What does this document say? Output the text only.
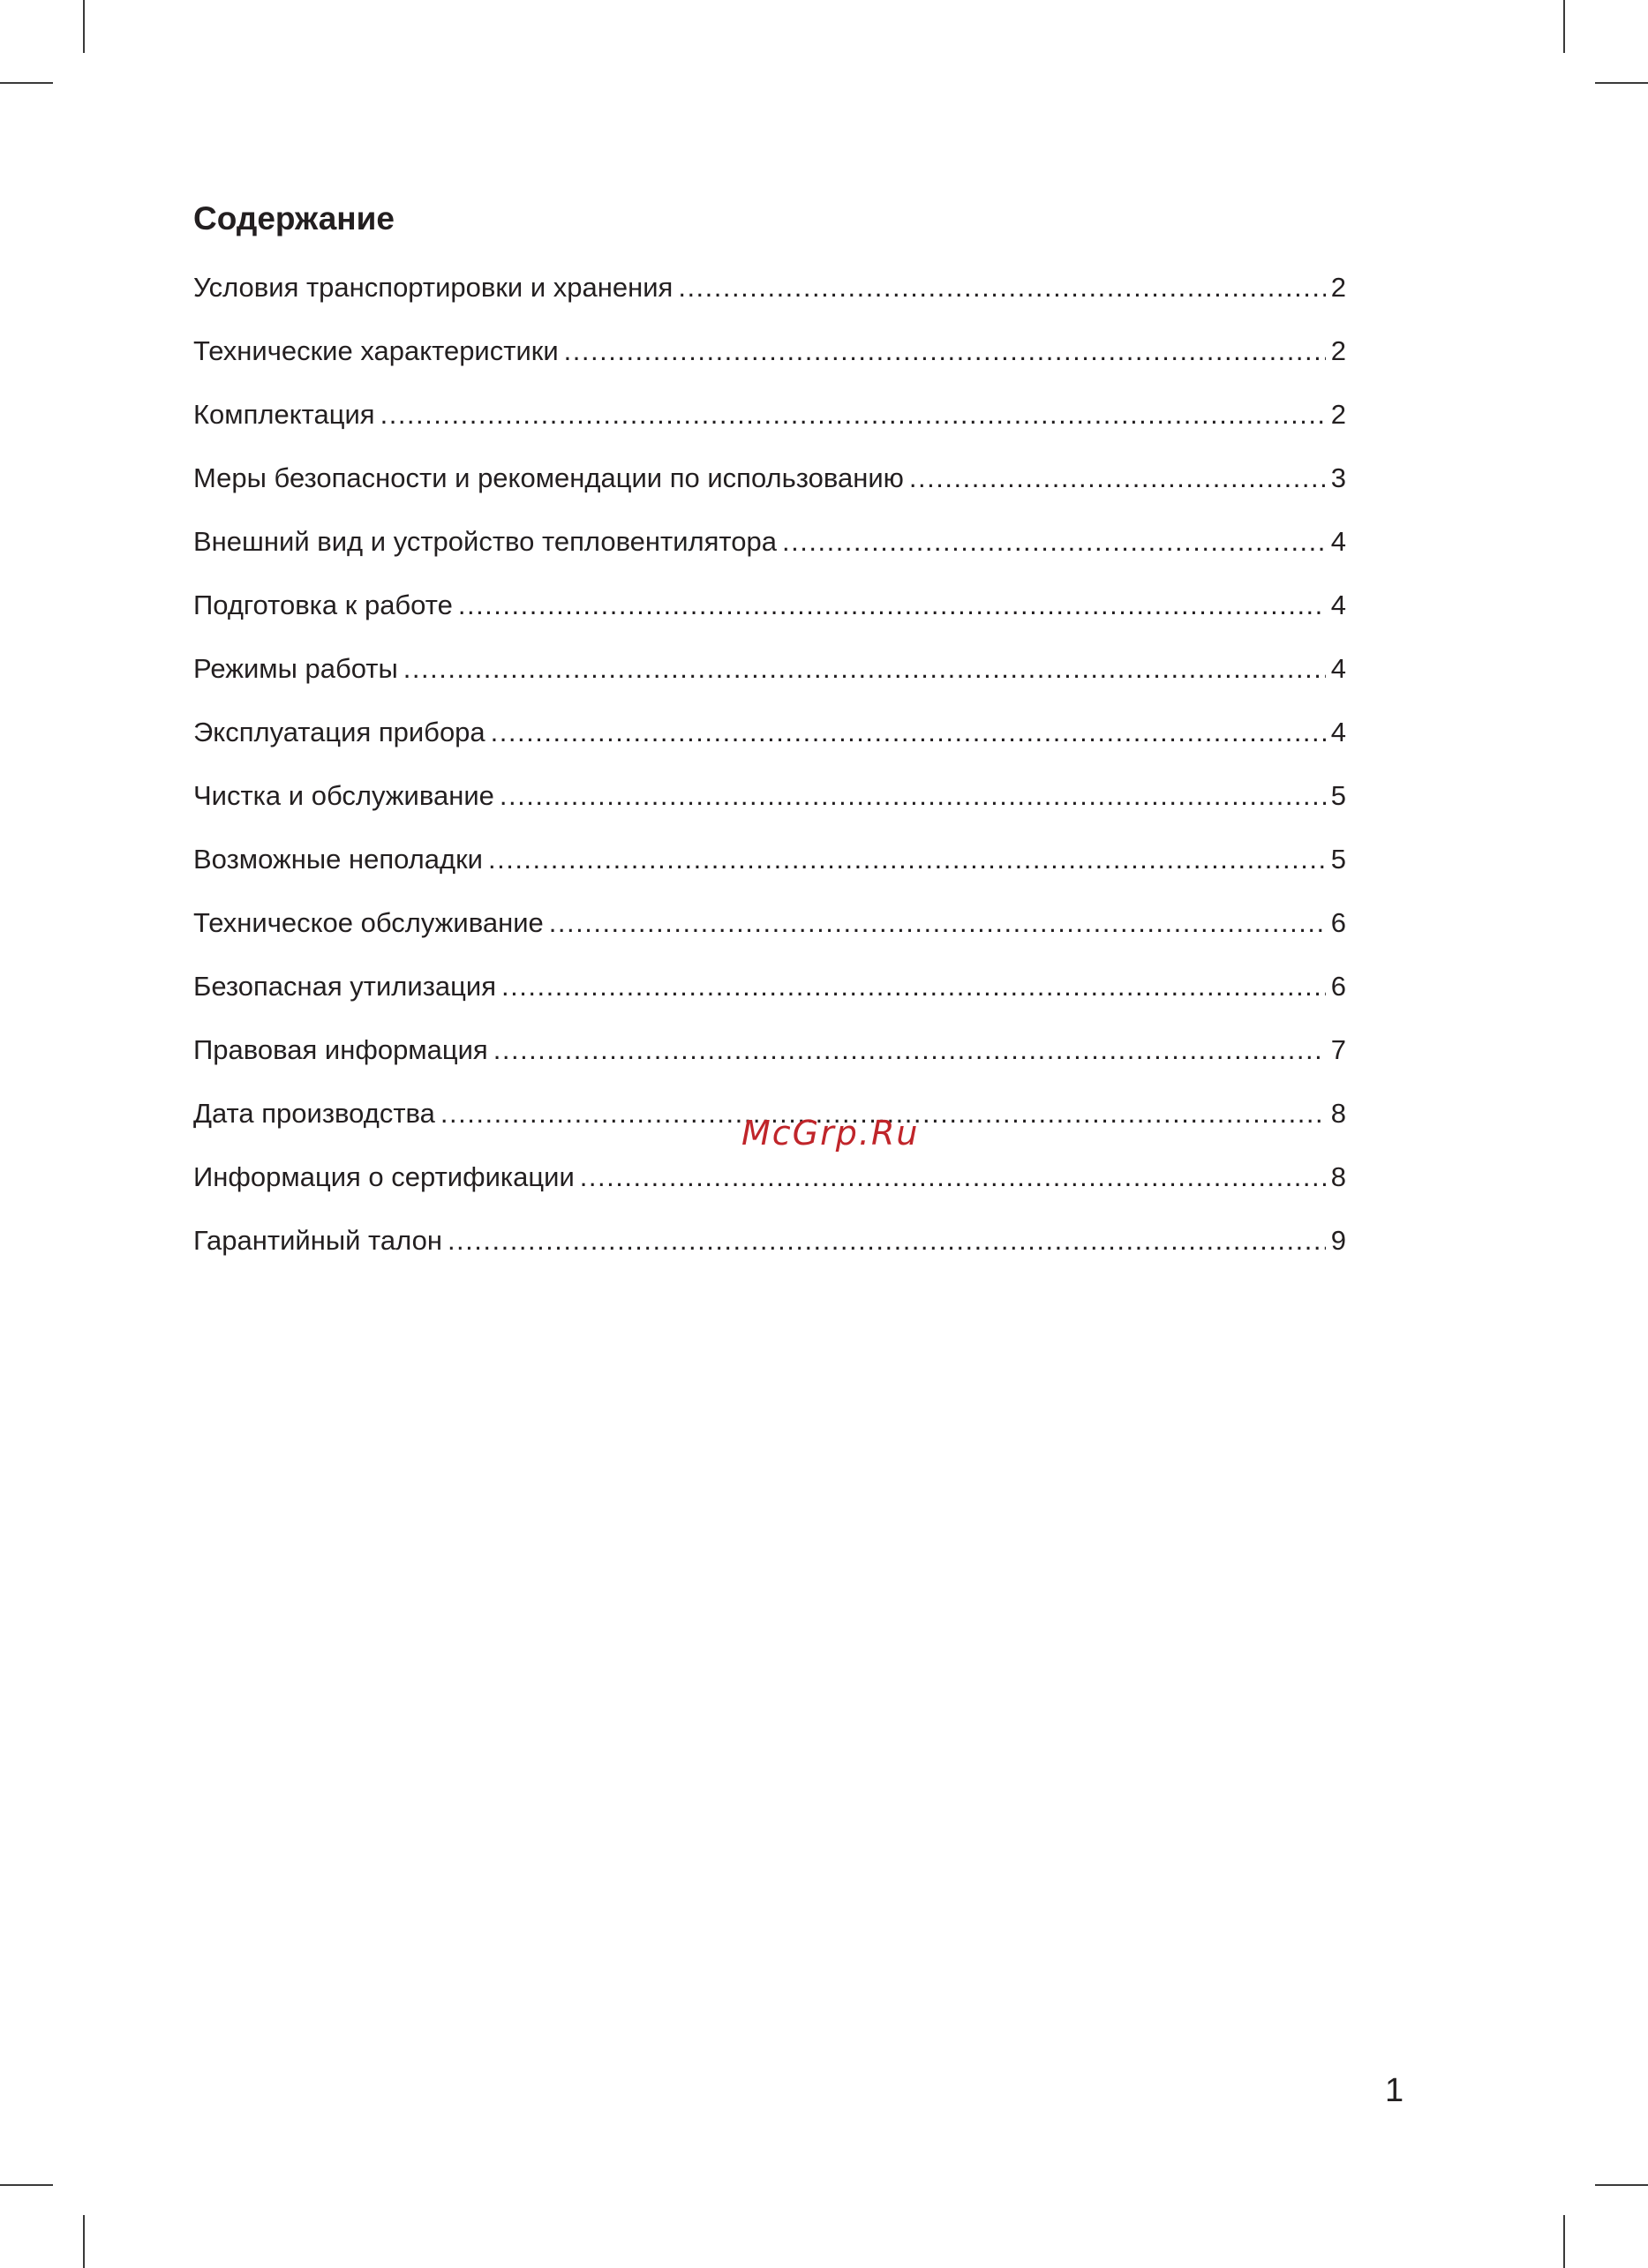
Содержание
Условия транспортировки и хранения .....	2
Технические характеристики .....	2
Комплектация .....	2
Меры безопасности и рекомендации по использованию .....	3
Внешний вид и устройство тепловентилятора .....	4
Подготовка к работе .....	4
Режимы работы .....	4
Эксплуатация прибора .....	4
Чистка и обслуживание .....	5
Возможные неполадки .....	5
Техническое обслуживание .....	6
Безопасная утилизация .....	6
Правовая информация .....	7
Дата производства .....	8
Информация о сертификации .....	8
Гарантийный талон .....	9
McGrp.Ru
1
